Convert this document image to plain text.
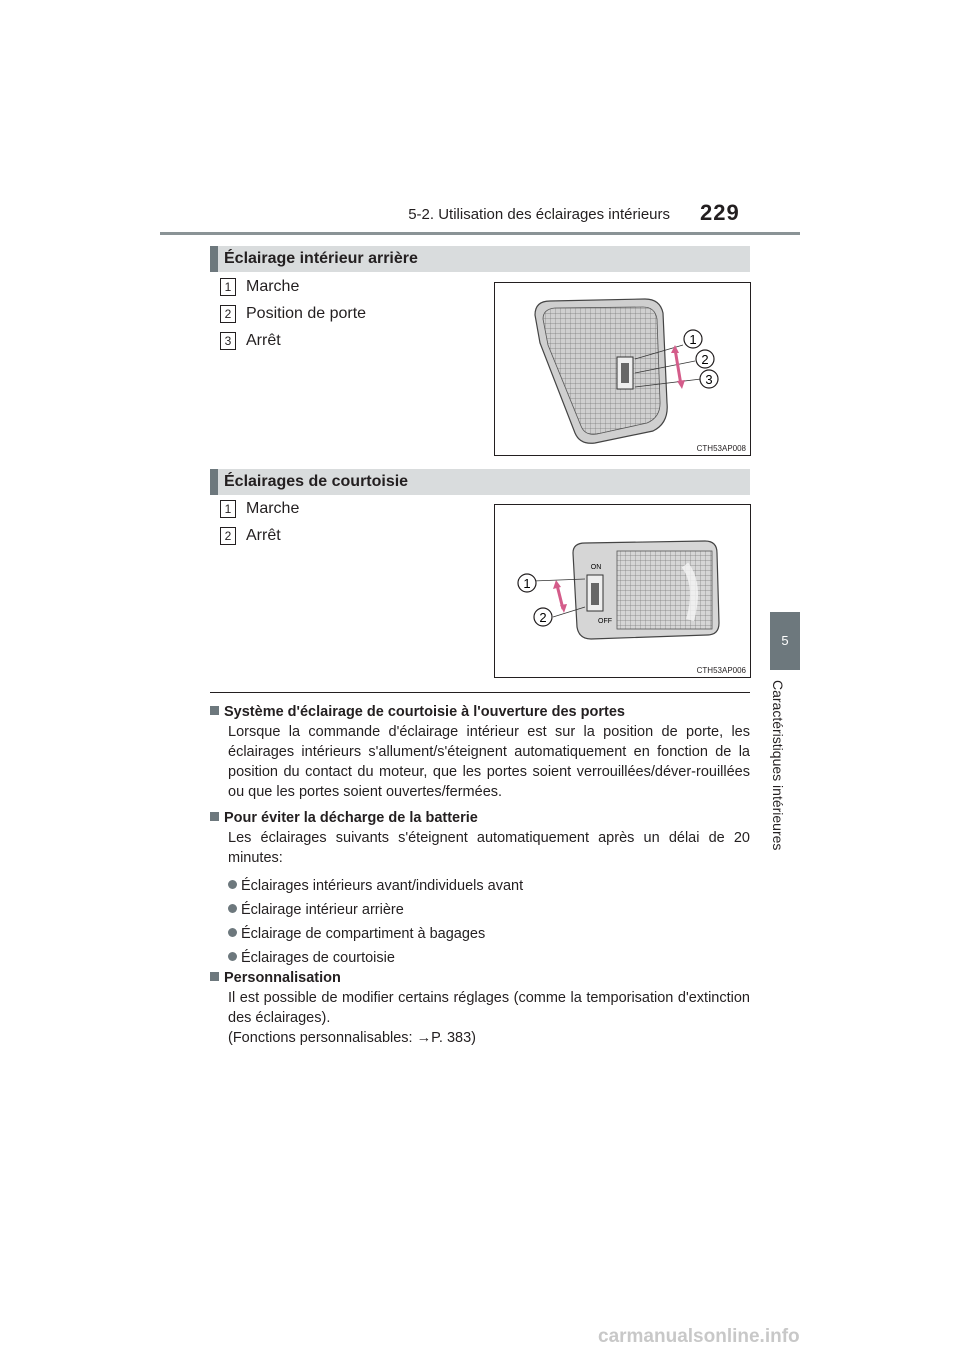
5-2. Utilisation des éclairages intérieurs 229
5
Caractéristiques intérieures
Éclairage intérieur arrière
1 Marche
2 Position de porte
3 Arrêt	1
2
3
CTH53AP008
Éclairages de courtoisie
1 Marche
2 Arrêt
ON
OFF
1
2
CTH53AP006
Système d'éclairage de courtoisie à l'ouverture des portes
Lorsque la commande d'éclairage intérieur est sur la position de porte, les éclairages intérieurs s'allument/s'éteignent automatiquement en fonction de la position du contact du moteur, que les portes soient verrouillées/déver-rouillées ou que les portes soient ouvertes/fermées.
Pour éviter la décharge de la batterie
Les éclairages suivants s'éteignent automatiquement après un délai de 20 minutes:
Éclairages intérieurs avant/individuels avant
Éclairage intérieur arrière
Éclairage de compartiment à bagages
Éclairages de courtoisie
Personnalisation
Il est possible de modifier certains réglages (comme la temporisation d'extinction des éclairages).
(Fonctions personnalisables: →P. 383)
carmanualsonline.info
